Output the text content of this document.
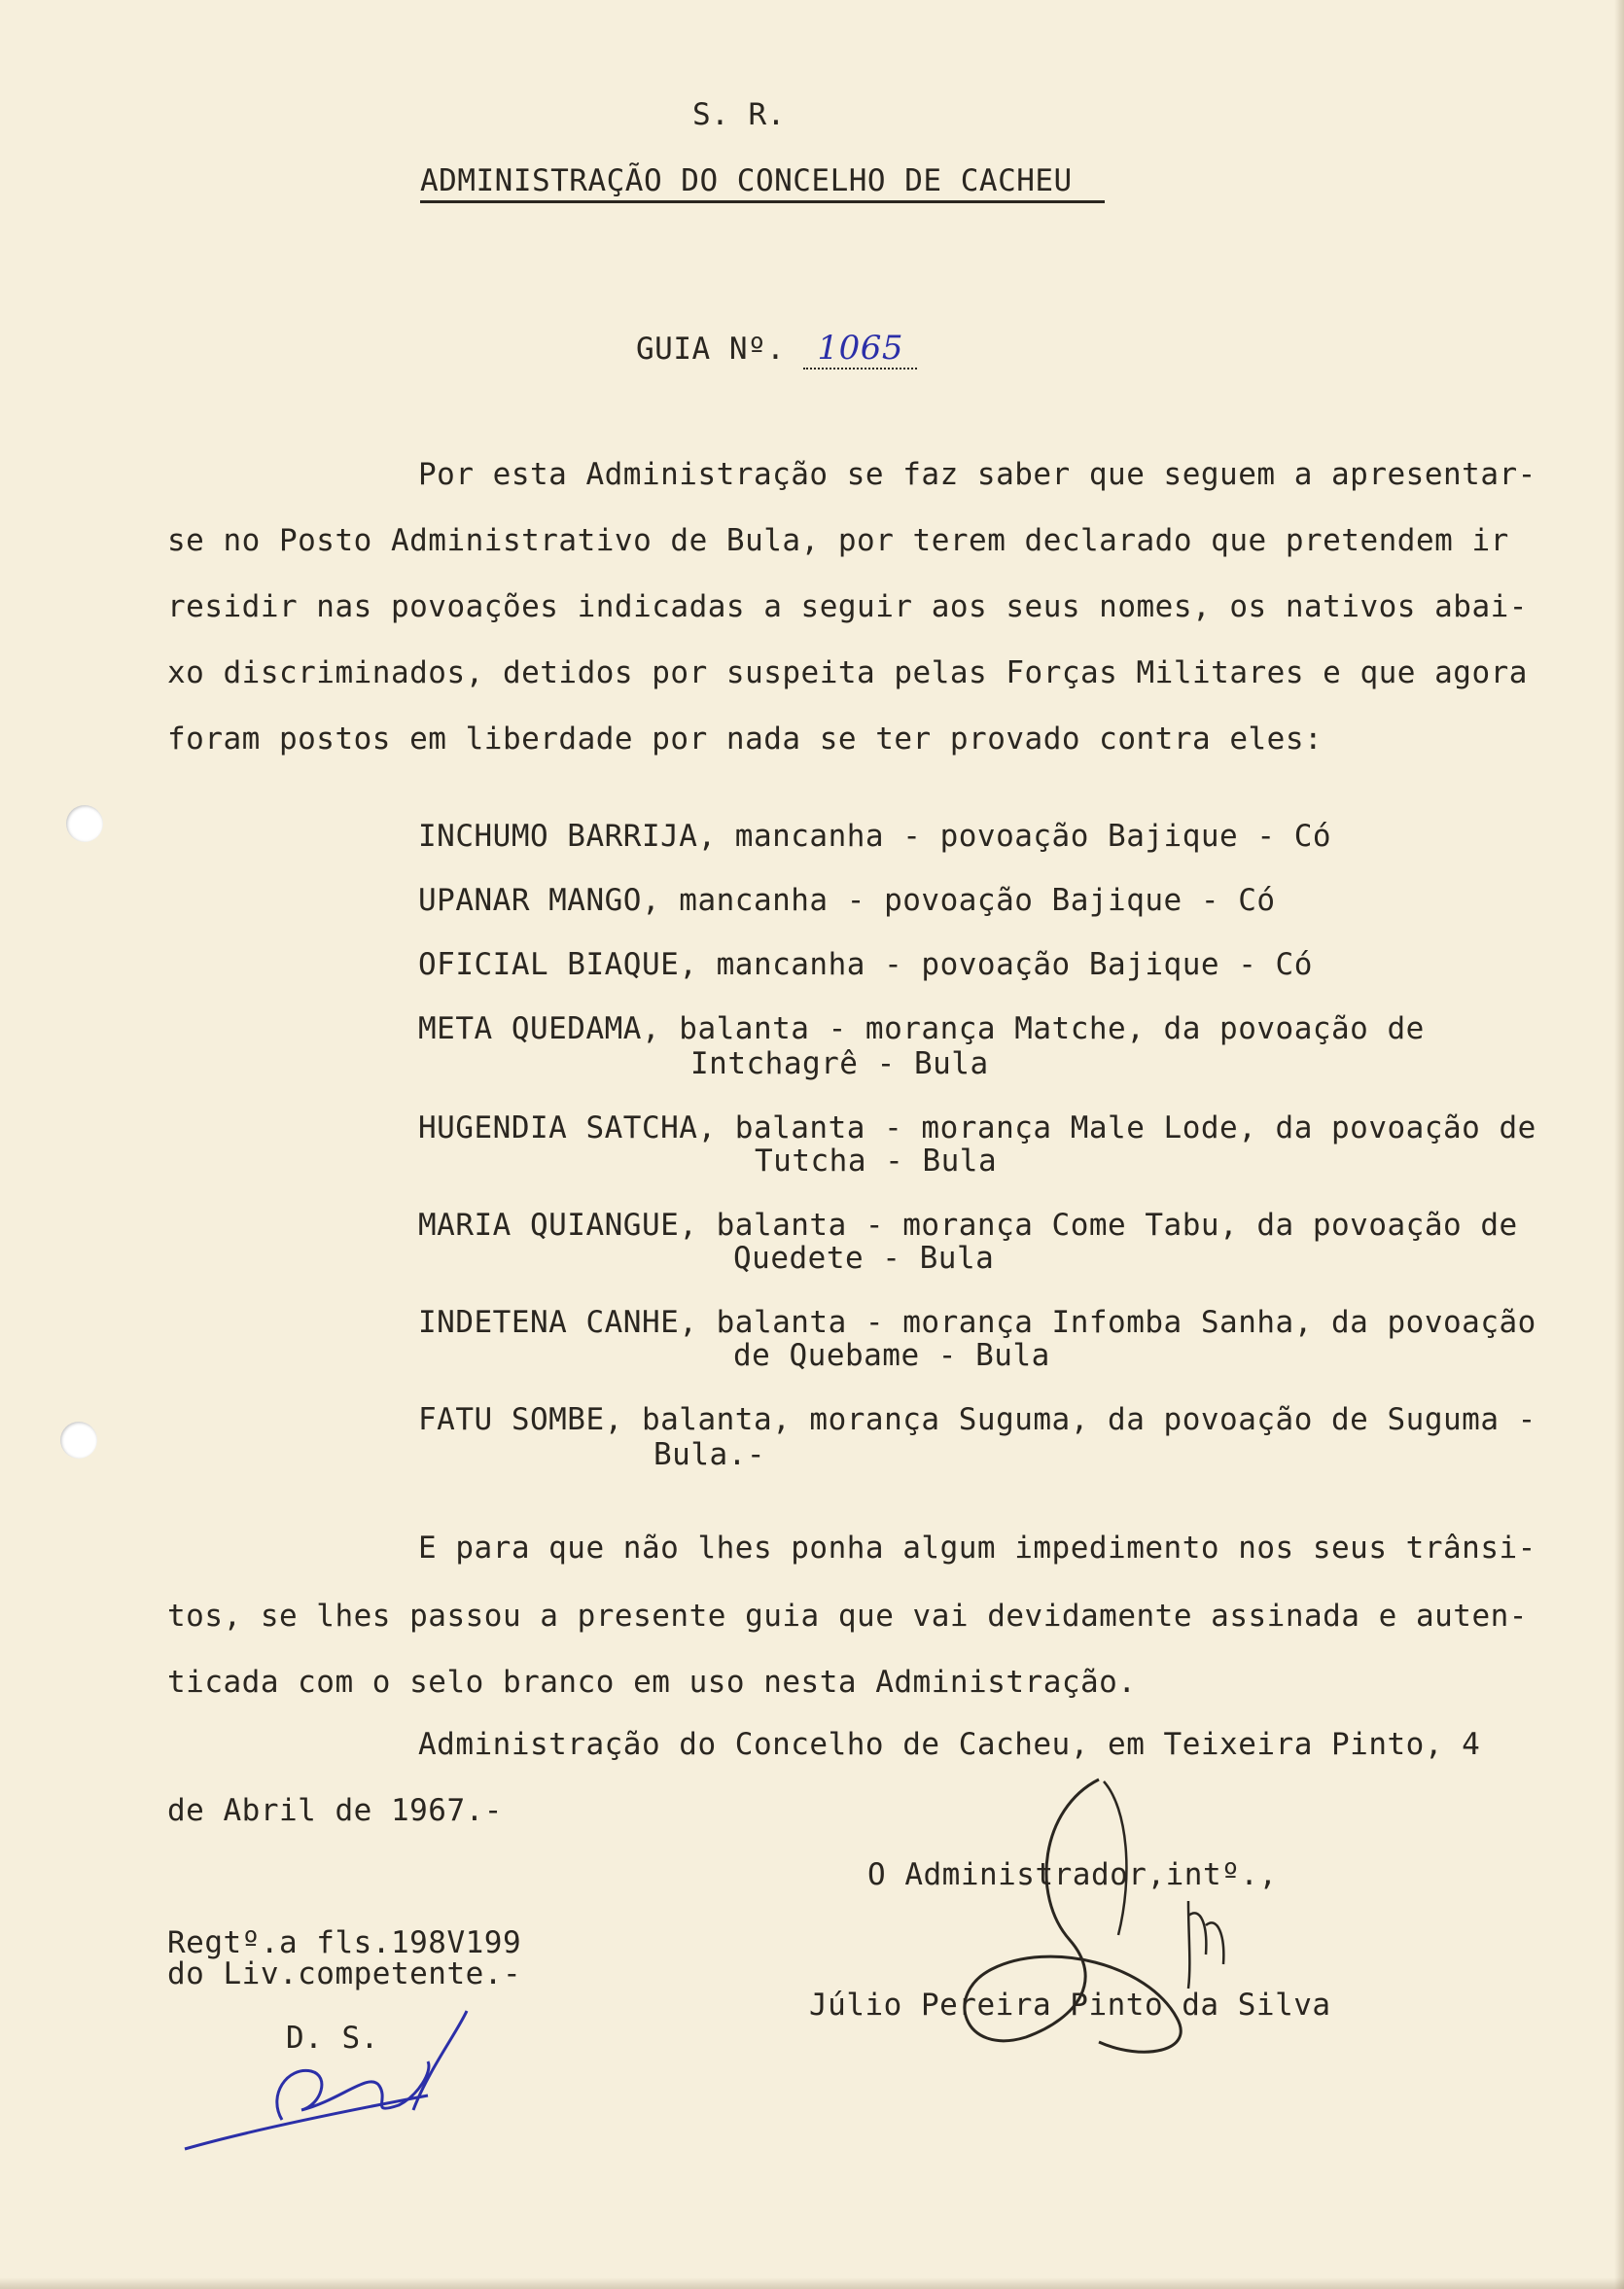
S. R.
ADMINISTRAÇÃO DO CONCELHO DE CACHEU
GUIA Nº. 1065
Por esta Administração se faz saber que seguem a apresentar-
se no Posto Administrativo de Bula, por terem declarado que pretendem ir
residir nas povoações indicadas a seguir aos seus nomes, os nativos abai-
xo discriminados, detidos por suspeita pelas Forças Militares e que agora
foram postos em liberdade por nada se ter provado contra eles:
INCHUMO BARRIJA, mancanha - povoação Bajique - Có
UPANAR MANGO, mancanha - povoação Bajique - Có
OFICIAL BIAQUE, mancanha - povoação Bajique - Có
META QUEDAMA, balanta - morança Matche, da povoação de
Intchagrê - Bula
HUGENDIA SATCHA, balanta - morança Male Lode, da povoação de
Tutcha - Bula
MARIA QUIANGUE, balanta - morança Come Tabu, da povoação de
Quedete - Bula
INDETENA CANHE, balanta - morança Infomba Sanha, da povoação
de Quebame - Bula
FATU SOMBE, balanta, morança Suguma, da povoação de Suguma -
Bula.-
E para que não lhes ponha algum impedimento nos seus trânsi-
tos, se lhes passou a presente guia que vai devidamente assinada e auten-
ticada com o selo branco em uso nesta Administração.
Administração do Concelho de Cacheu, em Teixeira Pinto, 4
de Abril de 1967.-
O Administrador,intº.,
Júlio Pereira Pinto da Silva
Regtº.a fls.198V199
do Liv.competente.-
D. S.
